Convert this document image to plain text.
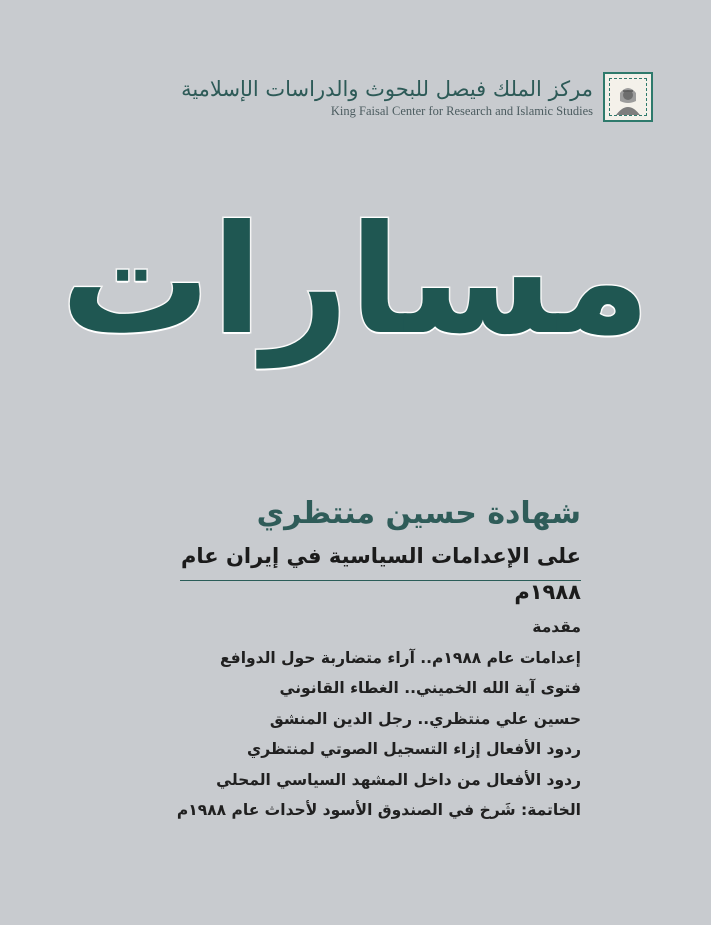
مركز الملك فيصل للبحوث والدراسات الإسلامية
King Faisal Center for Research and Islamic Studies
مسارات
شهادة حسين منتظري
على الإعدامات السياسية في إيران عام ١٩٨٨م
مقدمة
إعدامات عام ١٩٨٨م.. آراء متضاربة حول الدوافع
فتوى آية الله الخميني.. الغطاء القانوني
حسين علي منتظري.. رجل الدين المنشق
ردود الأفعال إزاء التسجيل الصوتي لمنتظري
ردود الأفعال من داخل المشهد السياسي المحلي
الخاتمة: شَرخ في الصندوق الأسود لأحداث عام ١٩٨٨م
